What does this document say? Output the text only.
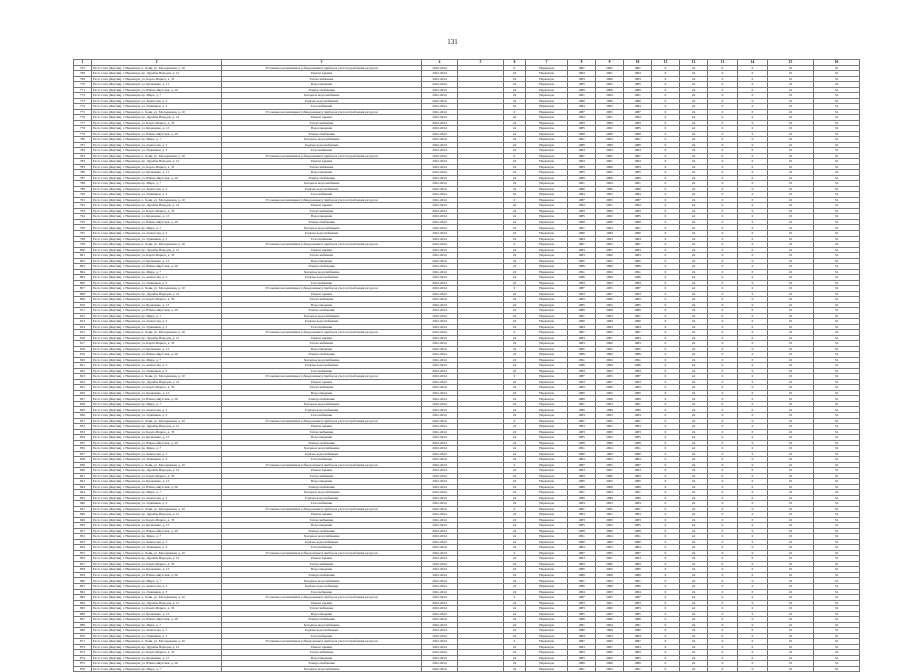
131
1	2	3	4	5	6	7	8	9	10	11	12	13	14	15	16
767	Респ. Саха (Якутия), г. Нерюнгри, п. Хани, ул. Молодежная, д. 10	Установка коллективных (общедомовых) приборов учета потребления ресурсов	2022-2024		0	Нерюнгри	1987	2005	1987	0	24	0	0	10	52
768	Респ. Саха (Якутия), г. Нерюнгри, пр. Дружбы Народов, д. 12	Ремонт крыши	2022-2024		24	Нерюнгри	1993	2001	1993	0	24	0	0	10	52
769	Респ. Саха (Якутия), г. Нерюнгри, ул. Карла Маркса, д. 33	Теплоснабжение	2022-2024		24	Нерюнгри	1983	2000	1983	0	24	0	0	10	52
770	Респ. Саха (Якутия), г. Нерюнгри, ул. Кравченко, д. 15	Водоотведение	2022-2024		24	Нерюнгри	1985	2002	1985	0	24	0	0	10	52
771	Респ. Саха (Якутия), г. Нерюнгри, ул. Южно-Якутская, д. 29	Электроснабжение	2022-2024		24	Нерюнгри	1989	2006	1989	0	24	0	0	10	52
772	Респ. Саха (Якутия), г. Нерюнгри, пр. Мира, д. 7	Холодное водоснабжение	2022-2024		24	Нерюнгри	1991	2004	1991	0	24	0	0	10	52
773	Респ. Саха (Якутия), г. Нерюнгри, ул. Аммосова, д. 5	Горячее водоснабжение	2022-2024		24	Нерюнгри	1980	1999	1980	0	24	0	0	10	52
774	Респ. Саха (Якутия), г. Нерюнгри, ул. Лужников, д. 3	Газоснабжение	2022-2024		24	Нерюнгри	1984	2003	1984	0	24	0	0	10	52
775	Респ. Саха (Якутия), г. Нерюнгри, п. Хани, ул. Молодежная, д. 10	Установка коллективных (общедомовых) приборов учета потребления ресурсов	2022-2024		0	Нерюнгри	1987	2005	1987	0	24	0	0	10	52
776	Респ. Саха (Якутия), г. Нерюнгри, пр. Дружбы Народов, д. 12	Ремонт крыши	2022-2024		24	Нерюнгри	1993	2001	1993	0	24	0	0	10	52
777	Респ. Саха (Якутия), г. Нерюнгри, ул. Карла Маркса, д. 33	Теплоснабжение	2022-2024		24	Нерюнгри	1983	2000	1983	0	24	0	0	10	52
778	Респ. Саха (Якутия), г. Нерюнгри, ул. Кравченко, д. 15	Водоотведение	2022-2024		24	Нерюнгри	1985	2002	1985	0	24	0	0	10	52
779	Респ. Саха (Якутия), г. Нерюнгри, ул. Южно-Якутская, д. 29	Электроснабжение	2022-2024		24	Нерюнгри	1989	2006	1989	0	24	0	0	10	52
780	Респ. Саха (Якутия), г. Нерюнгри, пр. Мира, д. 7	Холодное водоснабжение	2022-2024		24	Нерюнгри	1991	2004	1991	0	24	0	0	10	52
781	Респ. Саха (Якутия), г. Нерюнгри, ул. Аммосова, д. 5	Горячее водоснабжение	2022-2024		24	Нерюнгри	1980	1999	1980	0	24	0	0	10	52
782	Респ. Саха (Якутия), г. Нерюнгри, ул. Лужников, д. 3	Газоснабжение	2022-2024		24	Нерюнгри	1984	2003	1984	0	24	0	0	10	52
783	Респ. Саха (Якутия), г. Нерюнгри, п. Хани, ул. Молодежная, д. 10	Установка коллективных (общедомовых) приборов учета потребления ресурсов	2022-2024		0	Нерюнгри	1987	2005	1987	0	24	0	0	10	52
784	Респ. Саха (Якутия), г. Нерюнгри, пр. Дружбы Народов, д. 12	Ремонт крыши	2022-2024		24	Нерюнгри	1993	2001	1993	0	24	0	0	10	52
785	Респ. Саха (Якутия), г. Нерюнгри, ул. Карла Маркса, д. 33	Теплоснабжение	2022-2024		24	Нерюнгри	1983	2000	1983	0	24	0	0	10	52
786	Респ. Саха (Якутия), г. Нерюнгри, ул. Кравченко, д. 15	Водоотведение	2022-2024		24	Нерюнгри	1985	2002	1985	0	24	0	0	10	52
787	Респ. Саха (Якутия), г. Нерюнгри, ул. Южно-Якутская, д. 29	Электроснабжение	2022-2024		24	Нерюнгри	1989	2006	1989	0	24	0	0	10	52
788	Респ. Саха (Якутия), г. Нерюнгри, пр. Мира, д. 7	Холодное водоснабжение	2022-2024		24	Нерюнгри	1991	2004	1991	0	24	0	0	10	52
789	Респ. Саха (Якутия), г. Нерюнгри, ул. Аммосова, д. 5	Горячее водоснабжение	2022-2024		24	Нерюнгри	1980	1999	1980	0	24	0	0	10	52
790	Респ. Саха (Якутия), г. Нерюнгри, ул. Лужников, д. 3	Газоснабжение	2022-2024		24	Нерюнгри	1984	2003	1984	0	24	0	0	10	52
791	Респ. Саха (Якутия), г. Нерюнгри, п. Хани, ул. Молодежная, д. 10	Установка коллективных (общедомовых) приборов учета потребления ресурсов	2022-2024		0	Нерюнгри	1987	2005	1987	0	24	0	0	10	52
792	Респ. Саха (Якутия), г. Нерюнгри, пр. Дружбы Народов, д. 12	Ремонт крыши	2022-2024		24	Нерюнгри	1993	2001	1993	0	24	0	0	10	52
793	Респ. Саха (Якутия), г. Нерюнгри, ул. Карла Маркса, д. 33	Теплоснабжение	2022-2024		24	Нерюнгри	1983	2000	1983	0	24	0	0	10	52
794	Респ. Саха (Якутия), г. Нерюнгри, ул. Кравченко, д. 15	Водоотведение	2022-2024		24	Нерюнгри	1985	2002	1985	0	24	0	0	10	52
795	Респ. Саха (Якутия), г. Нерюнгри, ул. Южно-Якутская, д. 29	Электроснабжение	2022-2024		24	Нерюнгри	1989	2006	1989	0	24	0	0	10	52
796	Респ. Саха (Якутия), г. Нерюнгри, пр. Мира, д. 7	Холодное водоснабжение	2022-2024		24	Нерюнгри	1991	2004	1991	0	24	0	0	10	52
797	Респ. Саха (Якутия), г. Нерюнгри, ул. Аммосова, д. 5	Горячее водоснабжение	2022-2024		24	Нерюнгри	1980	1999	1980	0	24	0	0	10	52
798	Респ. Саха (Якутия), г. Нерюнгри, ул. Лужников, д. 3	Газоснабжение	2022-2024		24	Нерюнгри	1984	2003	1984	0	24	0	0	10	52
799	Респ. Саха (Якутия), г. Нерюнгри, п. Хани, ул. Молодежная, д. 10	Установка коллективных (общедомовых) приборов учета потребления ресурсов	2022-2024		0	Нерюнгри	1987	2005	1987	0	24	0	0	10	52
800	Респ. Саха (Якутия), г. Нерюнгри, пр. Дружбы Народов, д. 12	Ремонт крыши	2022-2024		24	Нерюнгри	1993	2001	1993	0	24	0	0	10	52
801	Респ. Саха (Якутия), г. Нерюнгри, ул. Карла Маркса, д. 33	Теплоснабжение	2022-2024		24	Нерюнгри	1983	2000	1983	0	24	0	0	10	52
802	Респ. Саха (Якутия), г. Нерюнгри, ул. Кравченко, д. 15	Водоотведение	2022-2024		24	Нерюнгри	1985	2002	1985	0	24	0	0	10	52
803	Респ. Саха (Якутия), г. Нерюнгри, ул. Южно-Якутская, д. 29	Электроснабжение	2022-2024		24	Нерюнгри	1989	2006	1989	0	24	0	0	10	52
804	Респ. Саха (Якутия), г. Нерюнгри, пр. Мира, д. 7	Холодное водоснабжение	2022-2024		24	Нерюнгри	1991	2004	1991	0	24	0	0	10	52
805	Респ. Саха (Якутия), г. Нерюнгри, ул. Аммосова, д. 5	Горячее водоснабжение	2022-2024		24	Нерюнгри	1980	1999	1980	0	24	0	0	10	52
806	Респ. Саха (Якутия), г. Нерюнгри, ул. Лужников, д. 3	Газоснабжение	2022-2024		24	Нерюнгри	1984	2003	1984	0	24	0	0	10	52
807	Респ. Саха (Якутия), г. Нерюнгри, п. Хани, ул. Молодежная, д. 10	Установка коллективных (общедомовых) приборов учета потребления ресурсов	2022-2024		0	Нерюнгри	1987	2005	1987	0	24	0	0	10	52
808	Респ. Саха (Якутия), г. Нерюнгри, пр. Дружбы Народов, д. 12	Ремонт крыши	2022-2024		24	Нерюнгри	1993	2001	1993	0	24	0	0	10	52
809	Респ. Саха (Якутия), г. Нерюнгри, ул. Карла Маркса, д. 33	Теплоснабжение	2022-2024		24	Нерюнгри	1983	2000	1983	0	24	0	0	10	52
810	Респ. Саха (Якутия), г. Нерюнгри, ул. Кравченко, д. 15	Водоотведение	2022-2024		24	Нерюнгри	1985	2002	1985	0	24	0	0	10	52
811	Респ. Саха (Якутия), г. Нерюнгри, ул. Южно-Якутская, д. 29	Электроснабжение	2022-2024		24	Нерюнгри	1989	2006	1989	0	24	0	0	10	52
812	Респ. Саха (Якутия), г. Нерюнгри, пр. Мира, д. 7	Холодное водоснабжение	2022-2024		24	Нерюнгри	1991	2004	1991	0	24	0	0	10	52
813	Респ. Саха (Якутия), г. Нерюнгри, ул. Аммосова, д. 5	Горячее водоснабжение	2022-2024		24	Нерюнгри	1980	1999	1980	0	24	0	0	10	52
814	Респ. Саха (Якутия), г. Нерюнгри, ул. Лужников, д. 3	Газоснабжение	2022-2024		24	Нерюнгри	1984	2003	1984	0	24	0	0	10	52
815	Респ. Саха (Якутия), г. Нерюнгри, п. Хани, ул. Молодежная, д. 10	Установка коллективных (общедомовых) приборов учета потребления ресурсов	2022-2024		0	Нерюнгри	1987	2005	1987	0	24	0	0	10	52
816	Респ. Саха (Якутия), г. Нерюнгри, пр. Дружбы Народов, д. 12	Ремонт крыши	2022-2024		24	Нерюнгри	1993	2001	1993	0	24	0	0	10	52
817	Респ. Саха (Якутия), г. Нерюнгри, ул. Карла Маркса, д. 33	Теплоснабжение	2022-2024		24	Нерюнгри	1983	2000	1983	0	24	0	0	10	52
818	Респ. Саха (Якутия), г. Нерюнгри, ул. Кравченко, д. 15	Водоотведение	2022-2024		24	Нерюнгри	1985	2002	1985	0	24	0	0	10	52
819	Респ. Саха (Якутия), г. Нерюнгри, ул. Южно-Якутская, д. 29	Электроснабжение	2022-2024		24	Нерюнгри	1989	2006	1989	0	24	0	0	10	52
820	Респ. Саха (Якутия), г. Нерюнгри, пр. Мира, д. 7	Холодное водоснабжение	2022-2024		24	Нерюнгри	1991	2004	1991	0	24	0	0	10	52
821	Респ. Саха (Якутия), г. Нерюнгри, ул. Аммосова, д. 5	Горячее водоснабжение	2022-2024		24	Нерюнгри	1980	1999	1980	0	24	0	0	10	52
822	Респ. Саха (Якутия), г. Нерюнгри, ул. Лужников, д. 3	Газоснабжение	2022-2024		24	Нерюнгри	1984	2003	1984	0	24	0	0	10	52
823	Респ. Саха (Якутия), г. Нерюнгри, п. Хани, ул. Молодежная, д. 10	Установка коллективных (общедомовых) приборов учета потребления ресурсов	2022-2024		0	Нерюнгри	1987	2005	1987	0	24	0	0	10	52
824	Респ. Саха (Якутия), г. Нерюнгри, пр. Дружбы Народов, д. 12	Ремонт крыши	2022-2024		24	Нерюнгри	1993	2001	1993	0	24	0	0	10	52
825	Респ. Саха (Якутия), г. Нерюнгри, ул. Карла Маркса, д. 33	Теплоснабжение	2022-2024		24	Нерюнгри	1983	2000	1983	0	24	0	0	10	52
826	Респ. Саха (Якутия), г. Нерюнгри, ул. Кравченко, д. 15	Водоотведение	2022-2024		24	Нерюнгри	1985	2002	1985	0	24	0	0	10	52
827	Респ. Саха (Якутия), г. Нерюнгри, ул. Южно-Якутская, д. 29	Электроснабжение	2022-2024		24	Нерюнгри	1989	2006	1989	0	24	0	0	10	52
828	Респ. Саха (Якутия), г. Нерюнгри, пр. Мира, д. 7	Холодное водоснабжение	2022-2024		24	Нерюнгри	1991	2004	1991	0	24	0	0	10	52
829	Респ. Саха (Якутия), г. Нерюнгри, ул. Аммосова, д. 5	Горячее водоснабжение	2022-2024		24	Нерюнгри	1980	1999	1980	0	24	0	0	10	52
830	Респ. Саха (Якутия), г. Нерюнгри, ул. Лужников, д. 3	Газоснабжение	2022-2024		24	Нерюнгри	1984	2003	1984	0	24	0	0	10	52
831	Респ. Саха (Якутия), г. Нерюнгри, п. Хани, ул. Молодежная, д. 10	Установка коллективных (общедомовых) приборов учета потребления ресурсов	2022-2024		0	Нерюнгри	1987	2005	1987	0	24	0	0	10	52
832	Респ. Саха (Якутия), г. Нерюнгри, пр. Дружбы Народов, д. 12	Ремонт крыши	2022-2024		24	Нерюнгри	1993	2001	1993	0	24	0	0	10	52
833	Респ. Саха (Якутия), г. Нерюнгри, ул. Карла Маркса, д. 33	Теплоснабжение	2022-2024		24	Нерюнгри	1983	2000	1983	0	24	0	0	10	52
834	Респ. Саха (Якутия), г. Нерюнгри, ул. Кравченко, д. 15	Водоотведение	2022-2024		24	Нерюнгри	1985	2002	1985	0	24	0	0	10	52
835	Респ. Саха (Якутия), г. Нерюнгри, ул. Южно-Якутская, д. 29	Электроснабжение	2022-2024		24	Нерюнгри	1989	2006	1989	0	24	0	0	10	52
836	Респ. Саха (Якутия), г. Нерюнгри, пр. Мира, д. 7	Холодное водоснабжение	2022-2024		24	Нерюнгри	1991	2004	1991	0	24	0	0	10	52
837	Респ. Саха (Якутия), г. Нерюнгри, ул. Аммосова, д. 5	Горячее водоснабжение	2022-2024		24	Нерюнгри	1980	1999	1980	0	24	0	0	10	52
838	Респ. Саха (Якутия), г. Нерюнгри, ул. Лужников, д. 3	Газоснабжение	2022-2024		24	Нерюнгри	1984	2003	1984	0	24	0	0	10	52
839	Респ. Саха (Якутия), г. Нерюнгри, п. Хани, ул. Молодежная, д. 10	Установка коллективных (общедомовых) приборов учета потребления ресурсов	2022-2024		0	Нерюнгри	1987	2005	1987	0	24	0	0	10	52
840	Респ. Саха (Якутия), г. Нерюнгри, пр. Дружбы Народов, д. 12	Ремонт крыши	2022-2024		24	Нерюнгри	1993	2001	1993	0	24	0	0	10	52
841	Респ. Саха (Якутия), г. Нерюнгри, ул. Карла Маркса, д. 33	Теплоснабжение	2022-2024		24	Нерюнгри	1983	2000	1983	0	24	0	0	10	52
842	Респ. Саха (Якутия), г. Нерюнгри, ул. Кравченко, д. 15	Водоотведение	2022-2024		24	Нерюнгри	1985	2002	1985	0	24	0	0	10	52
843	Респ. Саха (Якутия), г. Нерюнгри, ул. Южно-Якутская, д. 29	Электроснабжение	2022-2024		24	Нерюнгри	1989	2006	1989	0	24	0	0	10	52
844	Респ. Саха (Якутия), г. Нерюнгри, пр. Мира, д. 7	Холодное водоснабжение	2022-2024		24	Нерюнгри	1991	2004	1991	0	24	0	0	10	52
845	Респ. Саха (Якутия), г. Нерюнгри, ул. Аммосова, д. 5	Горячее водоснабжение	2022-2024		24	Нерюнгри	1980	1999	1980	0	24	0	0	10	52
846	Респ. Саха (Якутия), г. Нерюнгри, ул. Лужников, д. 3	Газоснабжение	2022-2024		24	Нерюнгри	1984	2003	1984	0	24	0	0	10	52
847	Респ. Саха (Якутия), г. Нерюнгри, п. Хани, ул. Молодежная, д. 10	Установка коллективных (общедомовых) приборов учета потребления ресурсов	2022-2024		0	Нерюнгри	1987	2005	1987	0	24	0	0	10	52
848	Респ. Саха (Якутия), г. Нерюнгри, пр. Дружбы Народов, д. 12	Ремонт крыши	2022-2024		24	Нерюнгри	1993	2001	1993	0	24	0	0	10	52
849	Респ. Саха (Якутия), г. Нерюнгри, ул. Карла Маркса, д. 33	Теплоснабжение	2022-2024		24	Нерюнгри	1983	2000	1983	0	24	0	0	10	52
850	Респ. Саха (Якутия), г. Нерюнгри, ул. Кравченко, д. 15	Водоотведение	2022-2024		24	Нерюнгри	1985	2002	1985	0	24	0	0	10	52
851	Респ. Саха (Якутия), г. Нерюнгри, ул. Южно-Якутская, д. 29	Электроснабжение	2022-2024		24	Нерюнгри	1989	2006	1989	0	24	0	0	10	52
852	Респ. Саха (Якутия), г. Нерюнгри, пр. Мира, д. 7	Холодное водоснабжение	2022-2024		24	Нерюнгри	1991	2004	1991	0	24	0	0	10	52
853	Респ. Саха (Якутия), г. Нерюнгри, ул. Аммосова, д. 5	Горячее водоснабжение	2022-2024		24	Нерюнгри	1980	1999	1980	0	24	0	0	10	52
854	Респ. Саха (Якутия), г. Нерюнгри, ул. Лужников, д. 3	Газоснабжение	2022-2024		24	Нерюнгри	1984	2003	1984	0	24	0	0	10	52
855	Респ. Саха (Якутия), г. Нерюнгри, п. Хани, ул. Молодежная, д. 10	Установка коллективных (общедомовых) приборов учета потребления ресурсов	2022-2024		0	Нерюнгри	1987	2005	1987	0	24	0	0	10	52
856	Респ. Саха (Якутия), г. Нерюнгри, пр. Дружбы Народов, д. 12	Ремонт крыши	2022-2024		24	Нерюнгри	1993	2001	1993	0	24	0	0	10	52
857	Респ. Саха (Якутия), г. Нерюнгри, ул. Карла Маркса, д. 33	Теплоснабжение	2022-2024		24	Нерюнгри	1983	2000	1983	0	24	0	0	10	52
858	Респ. Саха (Якутия), г. Нерюнгри, ул. Кравченко, д. 15	Водоотведение	2022-2024		24	Нерюнгри	1985	2002	1985	0	24	0	0	10	52
859	Респ. Саха (Якутия), г. Нерюнгри, ул. Южно-Якутская, д. 29	Электроснабжение	2022-2024		24	Нерюнгри	1989	2006	1989	0	24	0	0	10	52
860	Респ. Саха (Якутия), г. Нерюнгри, пр. Мира, д. 7	Холодное водоснабжение	2022-2024		24	Нерюнгри	1991	2004	1991	0	24	0	0	10	52
861	Респ. Саха (Якутия), г. Нерюнгри, ул. Аммосова, д. 5	Горячее водоснабжение	2022-2024		24	Нерюнгри	1980	1999	1980	0	24	0	0	10	52
862	Респ. Саха (Якутия), г. Нерюнгри, ул. Лужников, д. 3	Газоснабжение	2022-2024		24	Нерюнгри	1984	2003	1984	0	24	0	0	10	52
863	Респ. Саха (Якутия), г. Нерюнгри, п. Хани, ул. Молодежная, д. 10	Установка коллективных (общедомовых) приборов учета потребления ресурсов	2022-2024		0	Нерюнгри	1987	2005	1987	0	24	0	0	10	52
864	Респ. Саха (Якутия), г. Нерюнгри, пр. Дружбы Народов, д. 12	Ремонт крыши	2022-2024		24	Нерюнгри	1993	2001	1993	0	24	0	0	10	52
865	Респ. Саха (Якутия), г. Нерюнгри, ул. Карла Маркса, д. 33	Теплоснабжение	2022-2024		24	Нерюнгри	1983	2000	1983	0	24	0	0	10	52
866	Респ. Саха (Якутия), г. Нерюнгри, ул. Кравченко, д. 15	Водоотведение	2022-2024		24	Нерюнгри	1985	2002	1985	0	24	0	0	10	52
867	Респ. Саха (Якутия), г. Нерюнгри, ул. Южно-Якутская, д. 29	Электроснабжение	2022-2024		24	Нерюнгри	1989	2006	1989	0	24	0	0	10	52
868	Респ. Саха (Якутия), г. Нерюнгри, пр. Мира, д. 7	Холодное водоснабжение	2022-2024		24	Нерюнгри	1991	2004	1991	0	24	0	0	10	52
869	Респ. Саха (Якутия), г. Нерюнгри, ул. Аммосова, д. 5	Горячее водоснабжение	2022-2024		24	Нерюнгри	1980	1999	1980	0	24	0	0	10	52
870	Респ. Саха (Якутия), г. Нерюнгри, ул. Лужников, д. 3	Газоснабжение	2022-2024		24	Нерюнгри	1984	2003	1984	0	24	0	0	10	52
871	Респ. Саха (Якутия), г. Нерюнгри, п. Хани, ул. Молодежная, д. 10	Установка коллективных (общедомовых) приборов учета потребления ресурсов	2022-2024		0	Нерюнгри	1987	2005	1987	0	24	0	0	10	52
872	Респ. Саха (Якутия), г. Нерюнгри, пр. Дружбы Народов, д. 12	Ремонт крыши	2022-2024		24	Нерюнгри	1993	2001	1993	0	24	0	0	10	52
873	Респ. Саха (Якутия), г. Нерюнгри, ул. Карла Маркса, д. 33	Теплоснабжение	2022-2024		24	Нерюнгри	1983	2000	1983	0	24	0	0	10	52
874	Респ. Саха (Якутия), г. Нерюнгри, ул. Кравченко, д. 15	Водоотведение	2022-2024		24	Нерюнгри	1985	2002	1985	0	24	0	0	10	52
875	Респ. Саха (Якутия), г. Нерюнгри, ул. Южно-Якутская, д. 29	Электроснабжение	2022-2024		24	Нерюнгри	1989	2006	1989	0	24	0	0	10	52
876	Респ. Саха (Якутия), г. Нерюнгри, пр. Мира, д. 7	Холодное водоснабжение	2022-2024		24	Нерюнгри	1991	2004	1991	0	24	0	0	10	52
